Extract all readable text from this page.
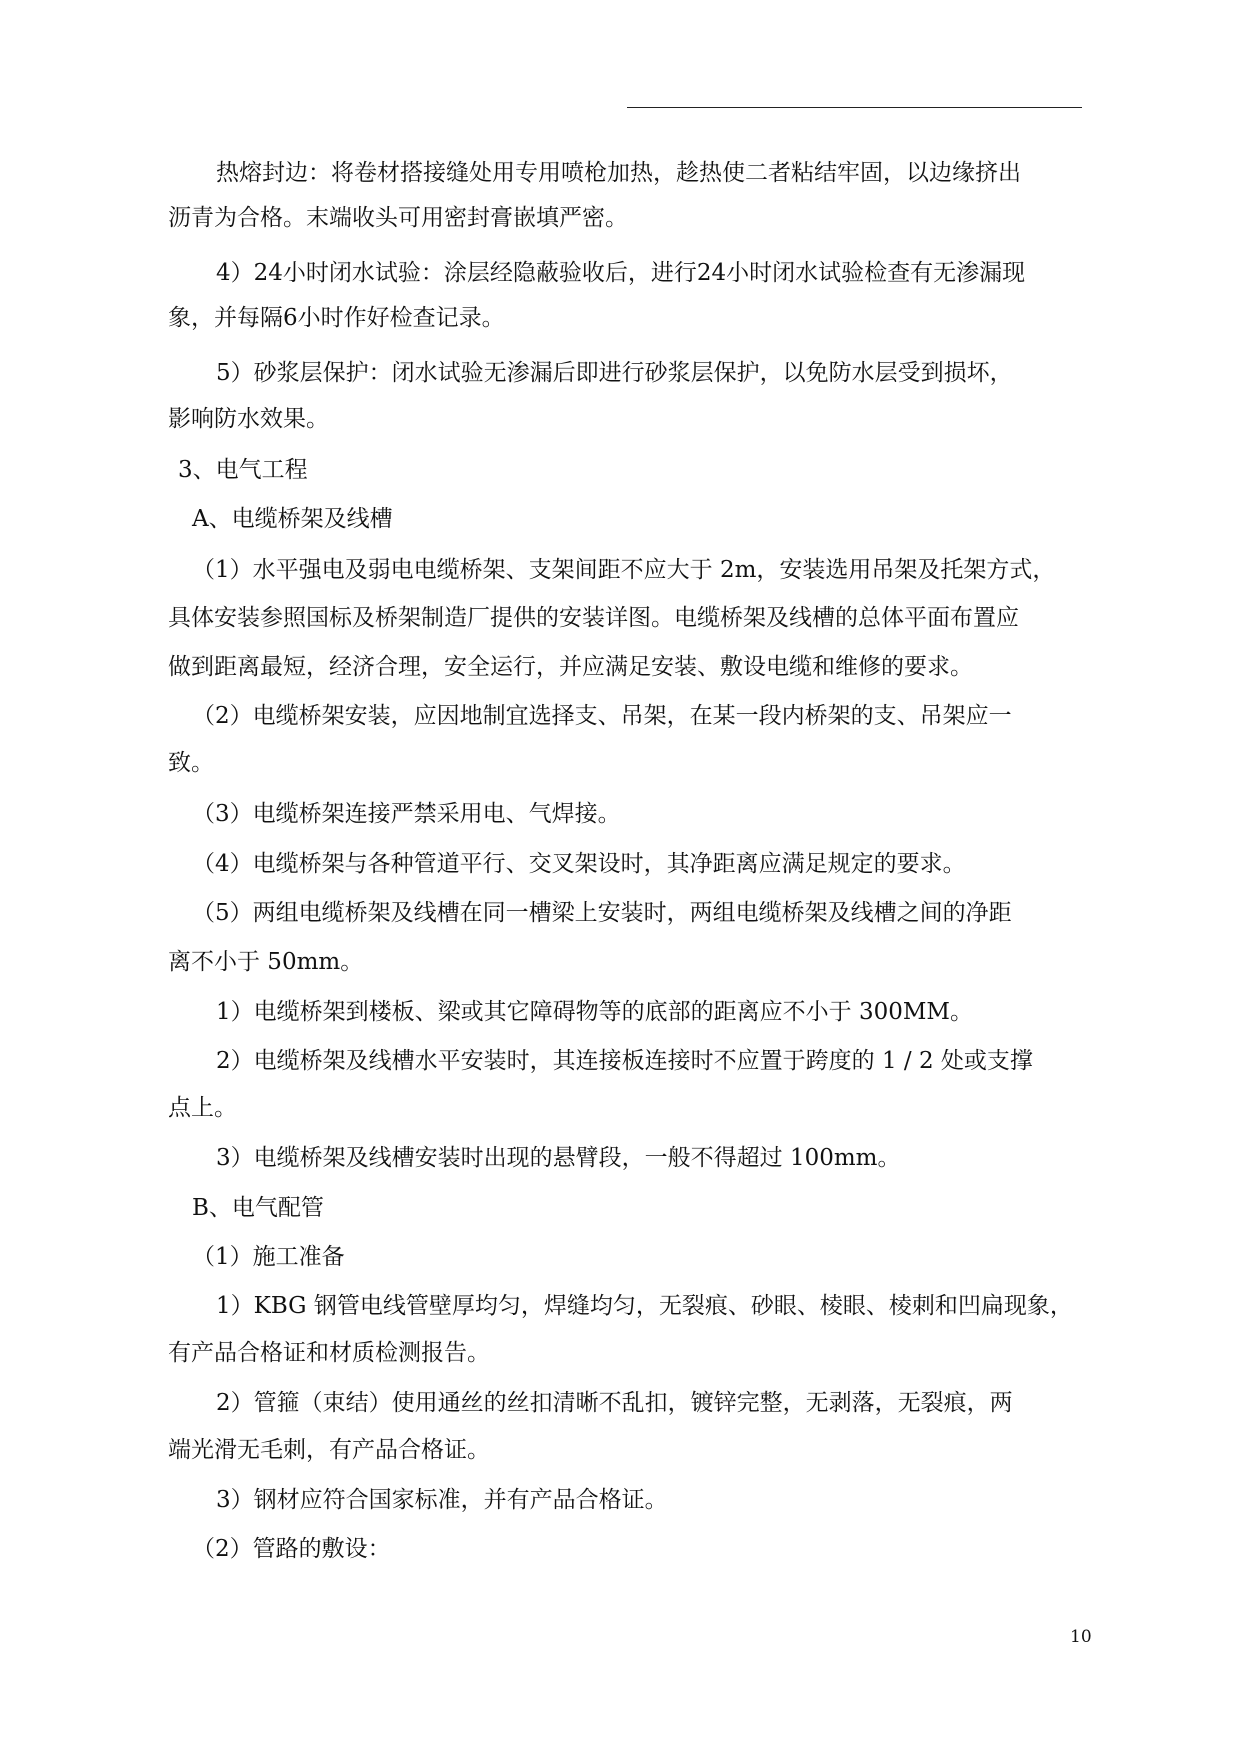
热熔封边：将卷材搭接缝处用专用喷枪加热，趁热使二者粘结牢固，以边缘挤出
沥青为合格。末端收头可用密封膏嵌填严密。
4）24小时闭水试验：涂层经隐蔽验收后，进行24小时闭水试验检查有无渗漏现
象，并每隔6小时作好检查记录。
5）砂浆层保护：闭水试验无渗漏后即进行砂浆层保护，以免防水层受到损坏，
影响防水效果。
3、电气工程
A、电缆桥架及线槽
（1）水平强电及弱电电缆桥架、支架间距不应大于 2m，安装选用吊架及托架方式，
具体安装参照国标及桥架制造厂提供的安装详图。电缆桥架及线槽的总体平面布置应
做到距离最短，经济合理，安全运行，并应满足安装、敷设电缆和维修的要求。
（2）电缆桥架安装，应因地制宜选择支、吊架，在某一段内桥架的支、吊架应一
致。
（3）电缆桥架连接严禁采用电、气焊接。
（4）电缆桥架与各种管道平行、交叉架设时，其净距离应满足规定的要求。
（5）两组电缆桥架及线槽在同一槽梁上安装时，两组电缆桥架及线槽之间的净距
离不小于 50mm。
1）电缆桥架到楼板、梁或其它障碍物等的底部的距离应不小于 300MM。
2）电缆桥架及线槽水平安装时，其连接板连接时不应置于跨度的 1 / 2 处或支撑
点上。
3）电缆桥架及线槽安装时出现的悬臂段，一般不得超过 100mm。
B、电气配管
（1）施工准备
1）KBG 钢管电线管壁厚均匀，焊缝均匀，无裂痕、砂眼、棱眼、棱刺和凹扁现象，
有产品合格证和材质检测报告。
2）管箍（束结）使用通丝的丝扣清晰不乱扣，镀锌完整，无剥落，无裂痕，两
端光滑无毛刺，有产品合格证。
3）钢材应符合国家标准，并有产品合格证。
（2）管路的敷设：
10
